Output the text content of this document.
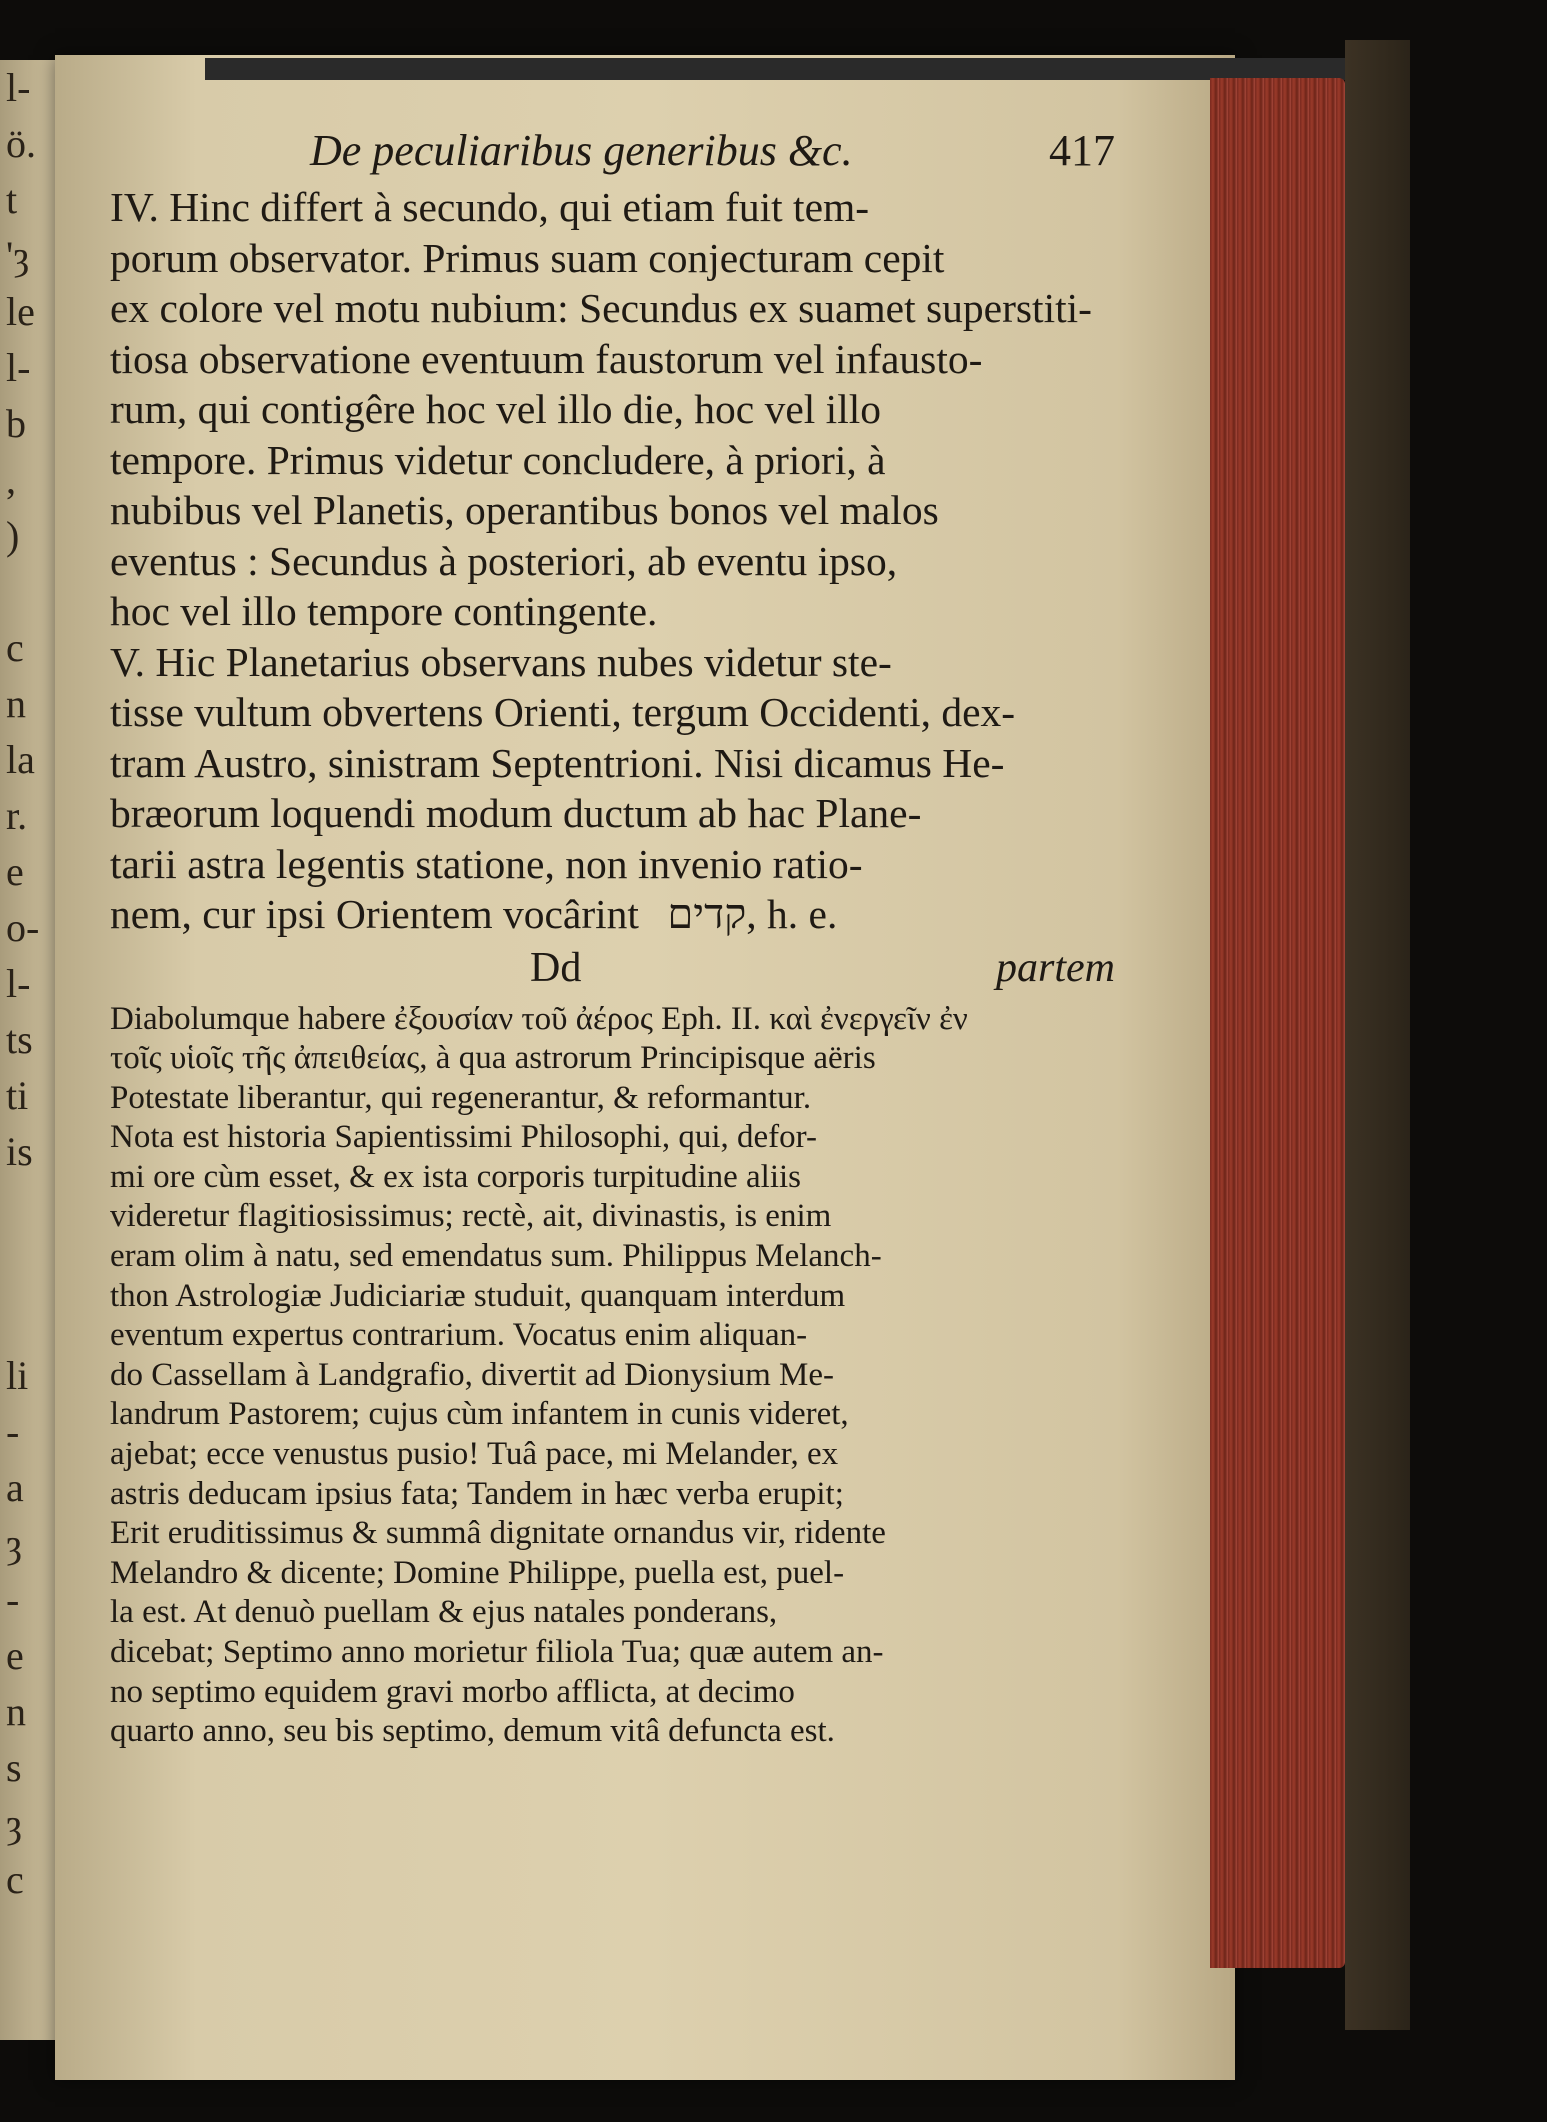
l-
ö.
t
'ȝ
le
l-
b
,
)
c
n
la
r.
e
o-
l-
ts
ti
is
li
-
a
ȝ
-
e
n
s
ȝ
c
De peculiaribus generibus &c.	417

IV. Hinc differt à secundo, qui etiam fuit tem-

porum observator. Primus suam conjecturam cepit

ex colore vel motu nubium: Secundus ex suamet superstiti-

tiosa observatione eventuum faustorum vel infausto-

rum, qui contigêre hoc vel illo die, hoc vel illo

tempore. Primus videtur concludere, à priori, à

nubibus vel Planetis, operantibus bonos vel malos

eventus : Secundus à posteriori, ab eventu ipso,

hoc vel illo tempore contingente.

V. Hic Planetarius observans nubes videtur ste-

tisse vultum obvertens Orienti, tergum Occidenti, dex-

tram Austro, sinistram Septentrioni. Nisi dicamus He-

bræorum loquendi modum ductum ab hac Plane-

tarii astra legentis statione, non invenio ratio-

nem, cur ipsi Orientem vocârint קדים, h. e.

Dd	partem

Diabolumque habere ἐξουσίαν τοῦ ἀέρος Eph. II. καὶ ἐνεργεῖν ἐν

τοῖς υἱοῖς τῆς ἀπειθείας, à qua astrorum Principisque aëris

Potestate liberantur, qui regenerantur, & reformantur.

Nota est historia Sapientissimi Philosophi, qui, defor-

mi ore cùm esset, & ex ista corporis turpitudine aliis

videretur flagitiosissimus; rectè, ait, divinastis, is enim

eram olim à natu, sed emendatus sum. Philippus Melanch-

thon Astrologiæ Judiciariæ studuit, quanquam interdum

eventum expertus contrarium. Vocatus enim aliquan-

do Cassellam à Landgrafio, divertit ad Dionysium Me-

landrum Pastorem; cujus cùm infantem in cunis videret,

ajebat; ecce venustus pusio! Tuâ pace, mi Melander, ex

astris deducam ipsius fata; Tandem in hæc verba erupit;

Erit eruditissimus & summâ dignitate ornandus vir, ridente

Melandro & dicente; Domine Philippe, puella est, puel-

la est. At denuò puellam & ejus natales ponderans,

dicebat; Septimo anno morietur filiola Tua; quæ autem an-

no septimo equidem gravi morbo afflicta, at decimo

quarto anno, seu bis septimo, demum vitâ defuncta est.
